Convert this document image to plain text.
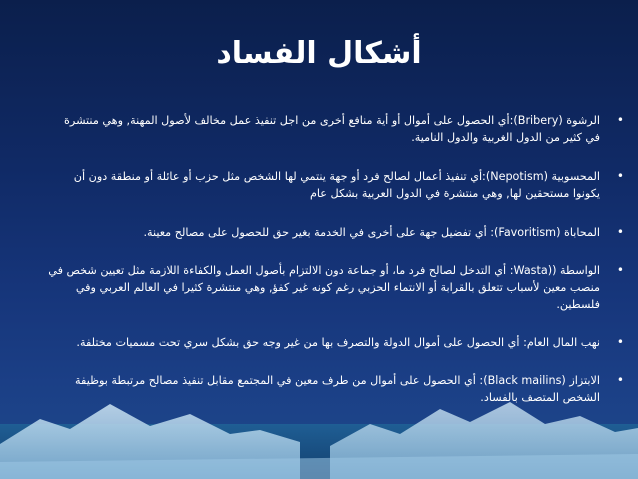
أشكال الفساد
•
الرشوة (Bribery):أي الحصول على أموال أو أية منافع أخرى من اجل تنفيذ عمل مخالف لأصول المهنة, وهي منتشرة في كثير من الدول الغربية والدول النامية.
•
المحسوبية (Nepotism):أي تنفيذ أعمال لصالح فرد أو جهة ينتمي لها الشخص مثل حزب أو عائلة أو منطقة دون أن يكونوا مستحقين لها, وهي منتشرة في الدول العربية بشكل عام
•
المحاباة (Favoritism): أي تفضيل جهة على أخرى في الخدمة بغير حق للحصول على مصالح معينة.
•
الواسطة ((Wasta: أي التدخل لصالح فرد ما، أو جماعة دون الالتزام بأصول العمل والكفاءة اللازمة مثل تعيين شخص في منصب معين لأسباب تتعلق بالقرابة أو الانتماء الحزبي رغم كونه غير كفؤ, وهي منتشرة كثيرا في العالم العربي وفي فلسطين.
•
نهب المال العام: أي الحصول على أموال الدولة والتصرف بها من غير وجه حق بشكل سري تحت مسميات مختلفة.
•
الابتزاز (Black mailins): أي الحصول على أموال من طرف معين في المجتمع مقابل تنفيذ مصالح مرتبطة بوظيفة الشخص المتصف بالفساد.
